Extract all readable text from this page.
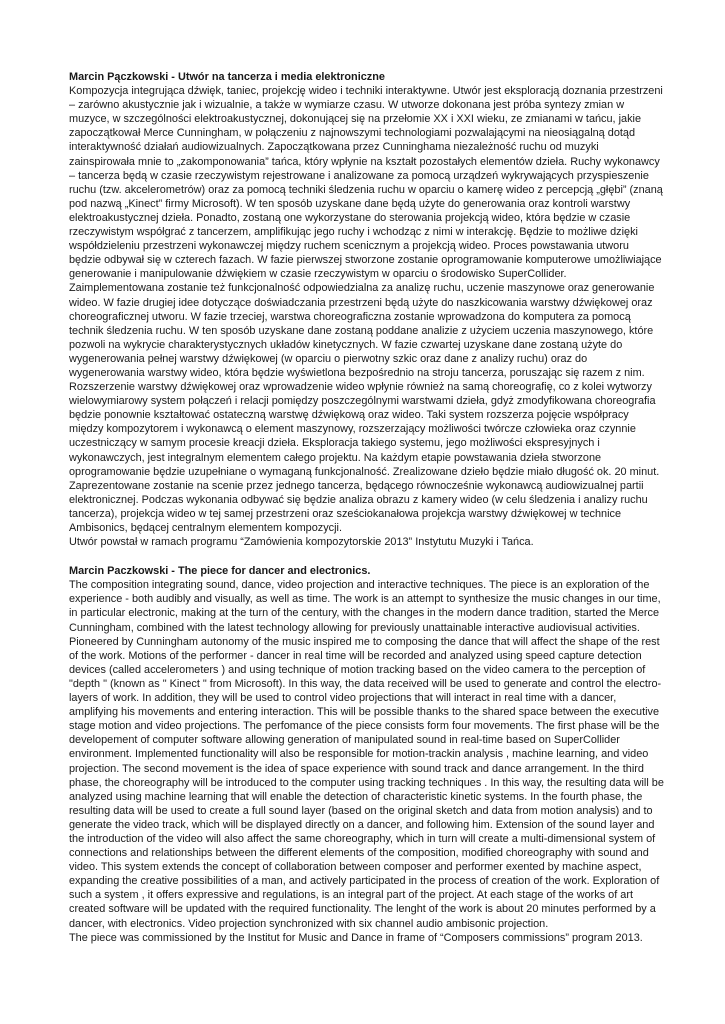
Marcin Pączkowski - Utwór na tancerza i media elektroniczne

Kompozycja integrująca dźwięk, taniec, projekcję wideo i techniki interaktywne. Utwór jest eksploracją doznania przestrzeni – zarówno akustycznie jak i wizualnie, a także w wymiarze czasu. W utworze dokonana jest próba syntezy zmian w muzyce, w szczególności elektroakustycznej, dokonującej się na przełomie XX i XXI wieku, ze zmianami w tańcu, jakie zapoczątkował Merce Cunningham, w połączeniu z najnowszymi technologiami pozwalającymi na nieosiągalną dotąd interaktywność działań audiowizualnych. Zapoczątkowana przez Cunninghama niezależność ruchu od muzyki zainspirowała mnie to „zakomponowania” tańca, który wpłynie na kształt pozostałych elementów dzieła. Ruchy wykonawcy – tancerza będą w czasie rzeczywistym rejestrowane i analizowane za pomocą urządzeń wykrywających przyspieszenie ruchu (tzw. akcelerometrów) oraz za pomocą techniki śledzenia ruchu w oparciu o kamerę wideo z percepcją „głębi” (znaną pod nazwą „Kinect” firmy Microsoft). W ten sposób uzyskane dane będą użyte do generowania oraz kontroli warstwy elektroakustycznej dzieła. Ponadto, zostaną one wykorzystane do sterowania projekcją wideo, która będzie w czasie rzeczywistym współgrać z tancerzem, amplifikując jego ruchy i wchodząc z nimi w interakcję. Będzie to możliwe dzięki współdzieleniu przestrzeni wykonawczej między ruchem scenicznym a projekcją wideo. Proces powstawania utworu będzie odbywał się w czterech fazach. W fazie pierwszej stworzone zostanie oprogramowanie komputerowe umożliwiające generowanie i manipulowanie dźwiękiem w czasie rzeczywistym w oparciu o środowisko SuperCollider. Zaimplementowana zostanie też funkcjonalność odpowiedzialna za analizę ruchu, uczenie maszynowe oraz generowanie wideo. W fazie drugiej idee dotyczące doświadczania przestrzeni będą użyte do naszkicowania warstwy dźwiękowej oraz choreograficznej utworu. W fazie trzeciej, warstwa choreograficzna zostanie wprowadzona do komputera za pomocą technik śledzenia ruchu. W ten sposób uzyskane dane zostaną poddane analizie z użyciem uczenia maszynowego, które pozwoli na wykrycie charakterystycznych układów kinetycznych. W fazie czwartej uzyskane dane zostaną użyte do wygenerowania pełnej warstwy dźwiękowej (w oparciu o pierwotny szkic oraz dane z analizy ruchu) oraz do wygenerowania warstwy wideo, która będzie wyświetlona bezpośrednio na stroju tancerza, poruszając się razem z nim. Rozszerzenie warstwy dźwiękowej oraz wprowadzenie wideo wpłynie również na samą choreografię, co z kolei wytworzy wielowymiarowy system połączeń i relacji pomiędzy poszczególnymi warstwami dzieła, gdyż zmodyfikowana choreografia będzie ponownie kształtować ostateczną warstwę dźwiękową oraz wideo. Taki system rozszerza pojęcie współpracy między kompozytorem i wykonawcą o element maszynowy, rozszerzający możliwości twórcze człowieka oraz czynnie uczestniczący w samym procesie kreacji dzieła. Eksploracja takiego systemu, jego możliwości ekspresyjnych i wykonawczych, jest integralnym elementem całego projektu. Na każdym etapie powstawania dzieła stworzone oprogramowanie będzie uzupełniane o wymaganą funkcjonalność. Zrealizowane dzieło będzie miało długość ok. 20 minut. Zaprezentowane zostanie na scenie przez jednego tancerza, będącego równocześnie wykonawcą audiowizualnej partii elektronicznej. Podczas wykonania odbywać się będzie analiza obrazu z kamery wideo (w celu śledzenia i analizy ruchu tancerza), projekcja wideo w tej samej przestrzeni oraz sześciokanałowa projekcja warstwy dźwiękowej w technice Ambisonics, będącej centralnym elementem kompozycji.

Utwór powstał w ramach programu “Zamówienia kompozytorskie 2013” Instytutu Muzyki i Tańca.

Marcin Paczkowski - The piece for dancer and electronics.

The composition integrating sound, dance, video projection and interactive techniques. The piece is an exploration of the experience - both audibly and visually, as well as time. The work is an attempt to synthesize the music changes in our time, in particular electronic, making at the turn of the century, with the changes in the modern dance tradition, started the Merce Cunningham, combined with the latest technology allowing for previously unattainable interactive audiovisual activities. Pioneered by Cunningham autonomy of the music inspired me to composing the dance that will affect the shape of the rest of the work. Motions of the performer - dancer in real time will be recorded and analyzed using speed capture detection devices (called accelerometers ) and using technique of motion tracking based on the video camera to the perception of "depth " (known as " Kinect " from Microsoft). In this way, the data received will be used to generate and control the electro-layers of work. In addition, they will be used to control video projections that will interact in real time with a dancer, amplifying his movements and entering interaction. This will be possible thanks to the shared space between the executive stage motion and video projections. The perfomance of the piece consists form four movements. The first phase will be the developement of computer software allowing generation of manipulated sound in real-time based on SuperCollider environment. Implemented functionality will also be responsible for motion-trackin analysis , machine learning, and video projection. The second movement is the idea of space experience with sound track and dance arrangement. In the third phase, the choreography will be introduced to the computer using tracking techniques . In this way, the resulting data will be analyzed using machine learning that will enable the detection of characteristic kinetic systems. In the fourth phase, the resulting data will be used to create a full sound layer (based on the original sketch and data from motion analysis) and to generate the video track, which will be displayed directly on a dancer, and following him. Extension of the sound layer and the introduction of the video will also affect the same choreography, which in turn will create a multi-dimensional system of connections and relationships between the different elements of the composition, modified choreography with sound and video. This system extends the concept of collaboration between composer and performer exented by machine aspect, expanding the creative possibilities of a man, and actively participated in the process of creation of the work. Exploration of such a system , it offers expressive and regulations, is an integral part of the project. At each stage of the works of art created software will be updated with the required functionality. The lenght of the work is about 20 minutes performed by a dancer, with electronics. Video projection synchronized with six channel audio ambisonic projection.

The piece was commissioned by the Institut for Music and Dance in frame of “Composers commissions” program 2013.
